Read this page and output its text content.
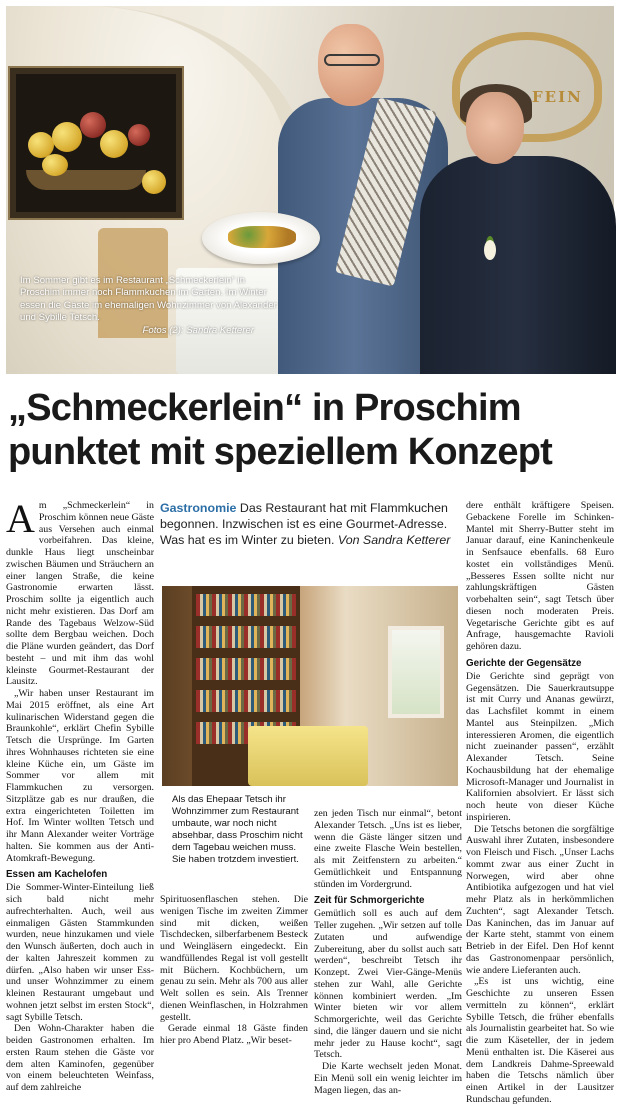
FEIN
Im Sommer gibt es im Restaurant „Schmeckerlein“ in Proschim immer noch Flammkuchen im Garten. Im Winter essen die Gäste im ehemaligen Wohnzimmer von Alexander und Sybille Tetsch.
Fotos (2): Sandra Ketterer
„Schmeckerlein“ in Proschim punktet mit speziellem Konzept

Am „Schmeckerlein“ in Proschim können neue Gäste aus Versehen auch einmal vorbeifahren. Das kleine, dunkle Haus liegt unscheinbar zwischen Bäumen und Sträuchern an einer langen Straße, die keine Gastronomie erwarten lässt. Proschim sollte ja eigentlich auch nicht mehr existieren. Das Dorf am Rande des Tagebaus Welzow-Süd sollte dem Bergbau weichen. Doch die Pläne wurden geändert, das Dorf besteht – und mit ihm das wohl kleinste Gourmet-Restaurant der Lausitz.

„Wir haben unser Restaurant im Mai 2015 eröffnet, als eine Art kulinarischen Widerstand gegen die Braunkohle“, erklärt Chefin Sybille Tetsch die Ursprünge. Im Garten ihres Wohnhauses richteten sie eine kleine Küche ein, um Gäste im Sommer vor allem mit Flammkuchen zu versorgen. Sitzplätze gab es nur draußen, die extra eingerichteten Toiletten im Hof. Im Winter wollten Tetsch und ihr Mann Alexander weiter Vorträge halten. Sie kommen aus der Anti-Atomkraft-Bewegung.

Essen am Kachelofen

Die Sommer-Winter-Einteilung ließ sich bald nicht mehr aufrechterhalten. Auch, weil aus einmaligen Gästen Stammkunden wurden, neue hinzukamen und viele den Wunsch äußerten, doch auch in der kalten Jahreszeit kommen zu dürfen. „Also haben wir unser Ess- und unser Wohnzimmer zu einem kleinen Restaurant umgebaut und wohnen jetzt selbst im ersten Stock“, sagt Sybille Tetsch.

Den Wohn-Charakter haben die beiden Gastronomen erhalten. Im ersten Raum stehen die Gäste vor dem alten Kaminofen, gegenüber von einem beleuchteten Weinfass, auf dem zahlreiche

Gastronomie Das Restaurant hat mit Flammkuchen begonnen. Inzwischen ist es eine Gourmet-Adresse. Was hat es im Winter zu bieten. Von Sandra Ketterer
Als das Ehepaar Tetsch ihr Wohnzimmer zum Restaurant umbaute, war noch nicht absehbar, dass Proschim nicht dem Tagebau weichen muss. Sie haben trotzdem investiert.

Spirituosenflaschen stehen. Die wenigen Tische im zweiten Zimmer sind mit dicken, weißen Tischdecken, silberfarbenem Besteck und Weingläsern eingedeckt. Ein wandfüllendes Regal ist voll gestellt mit Büchern. Kochbüchern, um genau zu sein. Mehr als 700 aus aller Welt sollen es sein. Als Trenner dienen Weinflaschen, in Holzrahmen gestellt.

Gerade einmal 18 Gäste finden hier pro Abend Platz. „Wir beset-

zen jeden Tisch nur einmal“, betont Alexander Tetsch. „Uns ist es lieber, wenn die Gäste länger sitzen und eine zweite Flasche Wein bestellen, als mit Zeitfenstern zu arbeiten.“ Gemütlichkeit und Entspannung stünden im Vordergrund.

Zeit für Schmorgerichte

Gemütlich soll es auch auf dem Teller zugehen. „Wir setzen auf tolle Zutaten und aufwendige Zubereitung, aber du sollst auch satt werden“, beschreibt Tetsch ihr Konzept. Zwei Vier-Gänge-Menüs stehen zur Wahl, alle Gerichte können kombiniert werden. „Im Winter bieten wir vor allem Schmorgerichte, weil das Gerichte sind, die länger dauern und sie nicht mehr jeder zu Hause kocht“, sagt Tetsch.

Die Karte wechselt jeden Monat. Ein Menü soll ein wenig leichter im Magen liegen, das an-

dere enthält kräftigere Speisen. Gebackene Forelle im Schinken-Mantel mit Sherry-Butter steht im Januar darauf, eine Kaninchenkeule in Senfsauce ebenfalls. 68 Euro kostet ein vollständiges Menü. „Besseres Essen sollte nicht nur zahlungskräftigen Gästen vorbehalten sein“, sagt Tetsch über diesen noch moderaten Preis. Vegetarische Gerichte gibt es auf Anfrage, hausgemachte Ravioli gehören dazu.

Gerichte der Gegensätze

Die Gerichte sind geprägt von Gegensätzen. Die Sauerkrautsuppe ist mit Curry und Ananas gewürzt, das Lachsfilet kommt in einem Mantel aus Steinpilzen. „Mich interessieren Aromen, die eigentlich nicht zueinander passen“, erzählt Alexander Tetsch. Seine Kochausbildung hat der ehemalige Microsoft-Manager und Journalist in Kalifornien absolviert. Er lässt sich noch heute von dieser Küche inspirieren.

Die Tetschs betonen die sorgfältige Auswahl ihrer Zutaten, insbesondere von Fleisch und Fisch. „Unser Lachs kommt zwar aus einer Zucht in Norwegen, wird aber ohne Antibiotika aufgezogen und hat viel mehr Platz als in herkömmlichen Zuchten“, sagt Alexander Tetsch. Das Kaninchen, das im Januar auf der Karte steht, stammt von einem Betrieb in der Eifel. Den Hof kennt das Gastronomenpaar persönlich, wie andere Lieferanten auch.

„Es ist uns wichtig, eine Geschichte zu unseren Essen vermitteln zu können“, erklärt Sybille Tetsch, die früher ebenfalls als Journalistin gearbeitet hat. So wie die zum Käseteller, der in jedem Menü enthalten ist. Die Käserei aus dem Landkreis Dahme-Spreewald haben die Tetschs nämlich über einen Artikel in der Lausitzer Rundschau gefunden.
